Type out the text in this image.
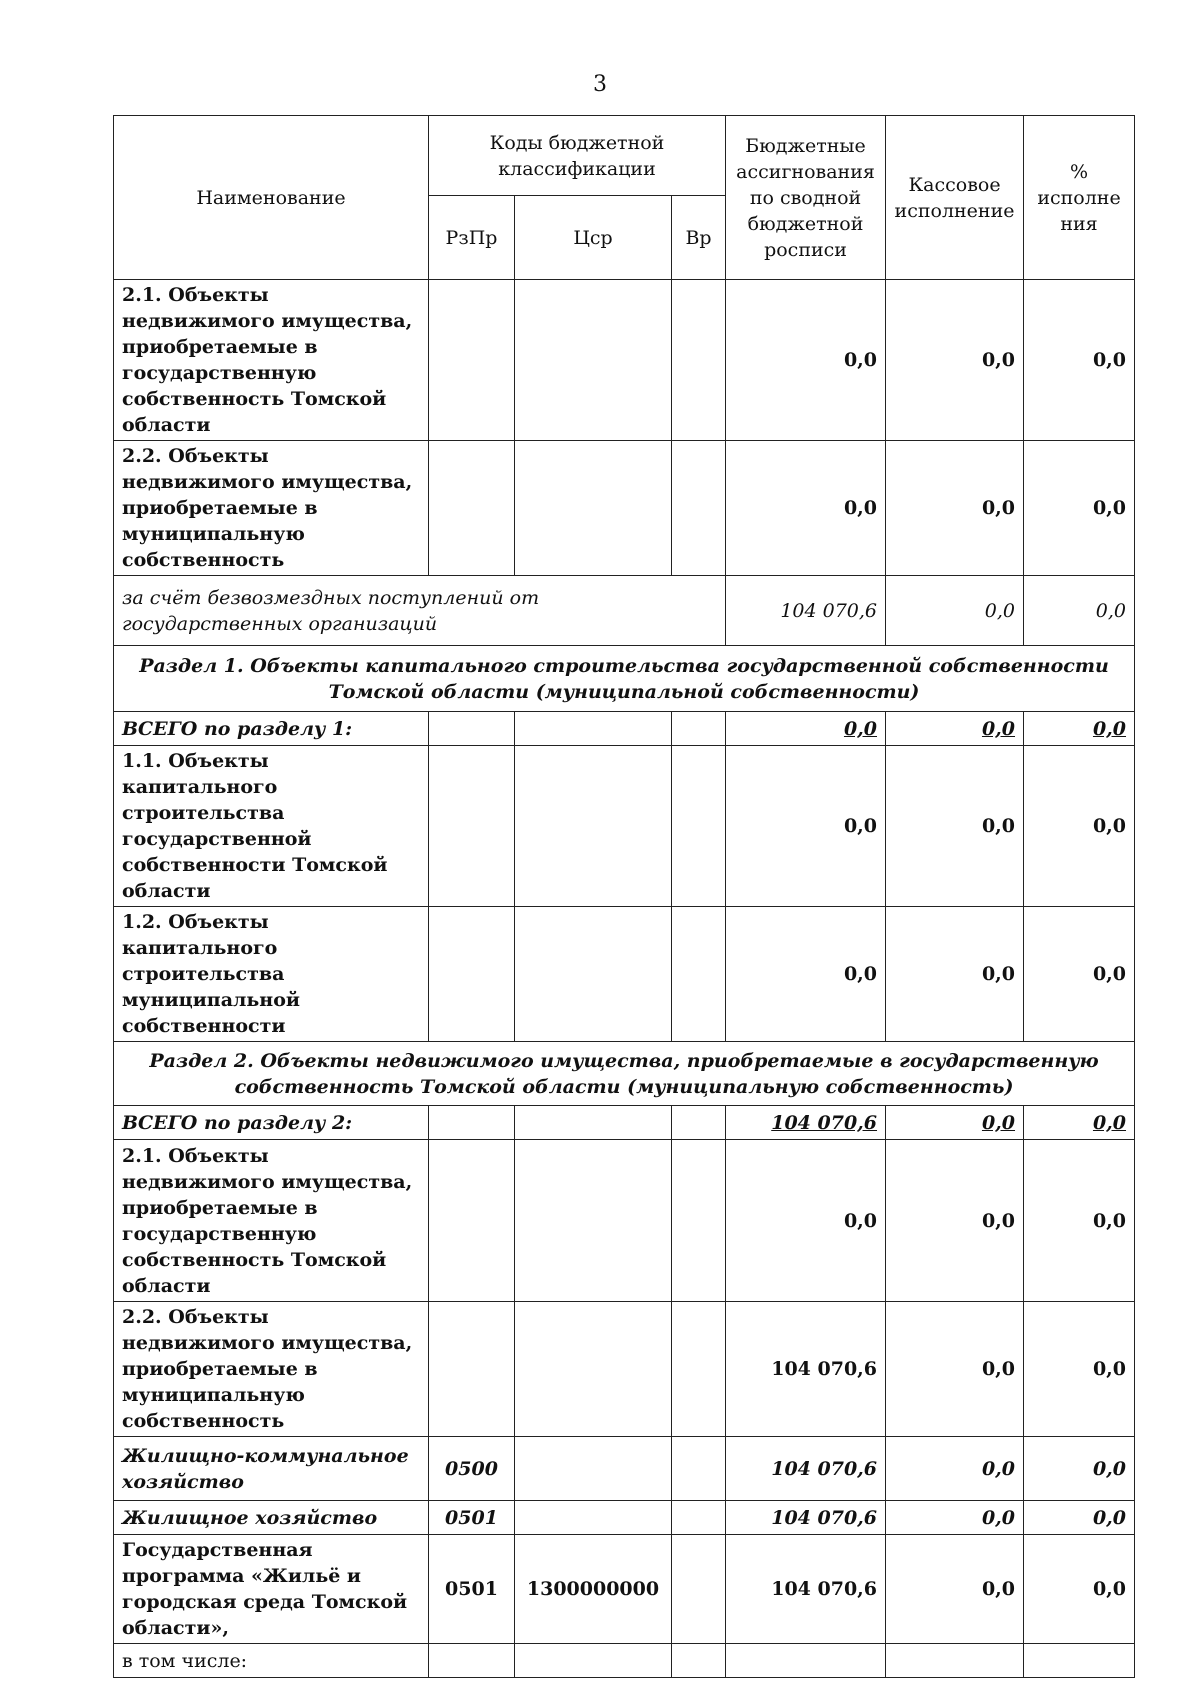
3
Наименование	Коды бюджетной классификации			Бюджетные ассигнования по сводной бюджетной росписи	Кассовое исполнение	% исполне ния
	РзПр	Цср	Вр			
2.1. Объекты недвижимого имущества, приобретаемые в государственную собственность Томской области				0,0	0,0	0,0
2.2. Объекты недвижимого имущества, приобретаемые в муниципальную собственность				0,0	0,0	0,0
за счёт безвозмездных поступлений от государственных организаций				104 070,6	0,0	0,0
Раздел 1. Объекты капитального строительства государственной собственности Томской области (муниципальной собственности)						
ВСЕГО по разделу 1:				0,0	0,0	0,0
1.1. Объекты капитального строительства государственной собственности Томской области				0,0	0,0	0,0
1.2. Объекты капитального строительства муниципальной собственности				0,0	0,0	0,0
Раздел 2. Объекты недвижимого имущества, приобретаемые в государственную собственность Томской области (муниципальную собственность)						
ВСЕГО по разделу 2:				104 070,6	0,0	0,0
2.1. Объекты недвижимого имущества, приобретаемые в государственную собственность Томской области				0,0	0,0	0,0
2.2. Объекты недвижимого имущества, приобретаемые в муниципальную собственность				104 070,6	0,0	0,0
Жилищно-коммунальное хозяйство	0500			104 070,6	0,0	0,0
Жилищное хозяйство	0501			104 070,6	0,0	0,0
Государственная программа «Жильё и городская среда Томской области»,	0501	1300000000		104 070,6	0,0	0,0
в том числе:						
